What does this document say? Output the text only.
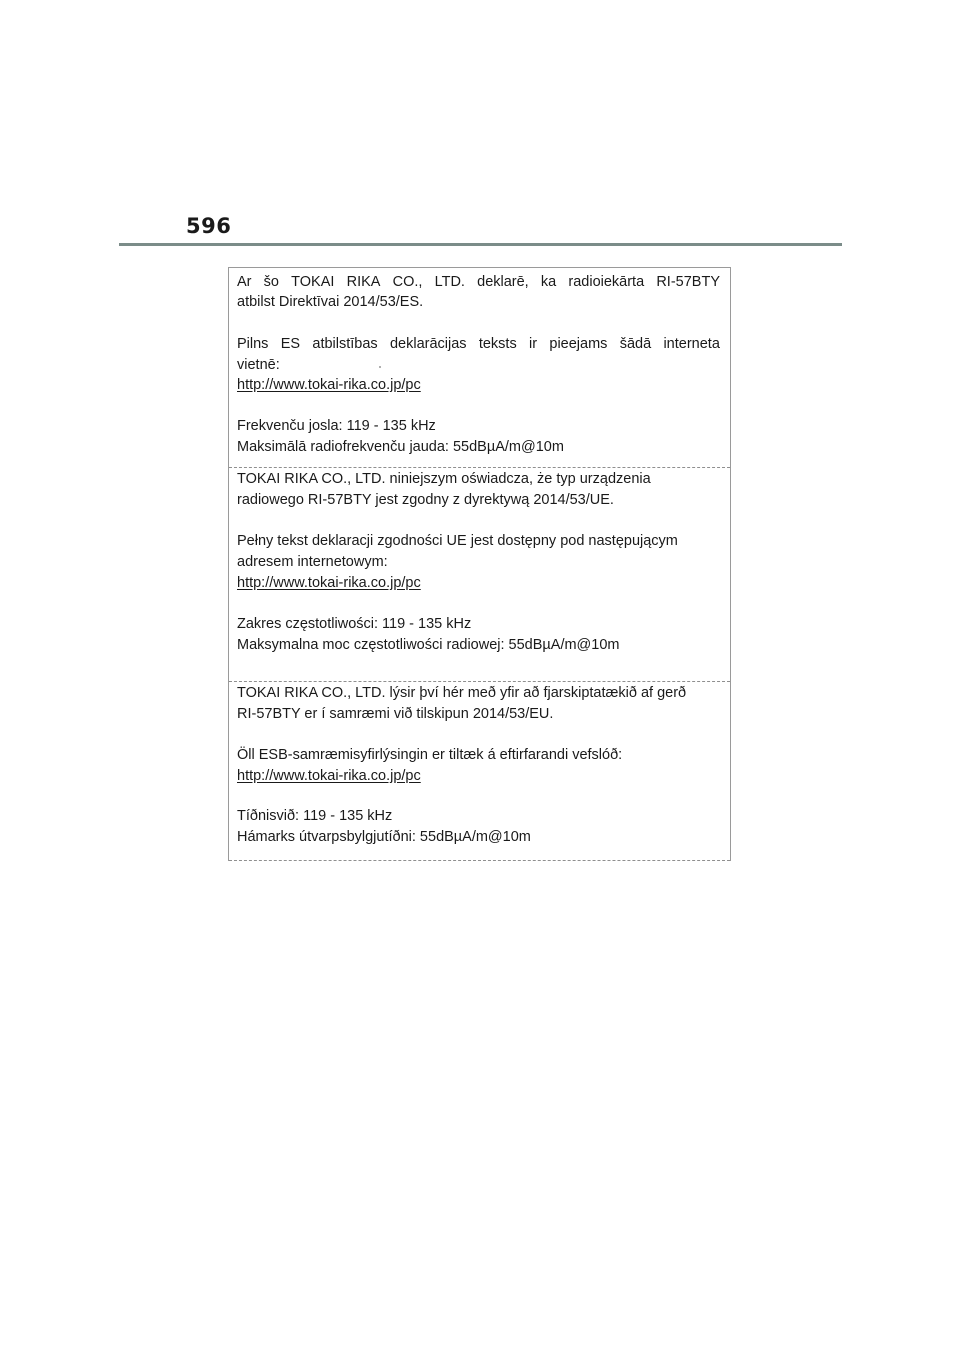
596
Ar šo TOKAI RIKA CO., LTD. deklarē, ka radioiekārta RI-57BTY
atbilst Direktīvai 2014/53/ES.
Pilns ES atbilstības deklarācijas teksts ir pieejams šādā interneta
vietnē:
http://www.tokai-rika.co.jp/pc
Frekvenču josla: 119 - 135 kHz
Maksimālā radiofrekvenču jauda: 55dBµA/m@10m
TOKAI RIKA CO., LTD. niniejszym oświadcza, że typ urządzenia
radiowego RI-57BTY jest zgodny z dyrektywą 2014/53/UE.
Pełny tekst deklaracji zgodności UE jest dostępny pod następującym
adresem internetowym:
http://www.tokai-rika.co.jp/pc
Zakres częstotliwości: 119 - 135 kHz
Maksymalna moc częstotliwości radiowej: 55dBµA/m@10m
TOKAI RIKA CO., LTD. lýsir því hér með yfir að fjarskiptatækið af gerð
RI-57BTY er í samræmi við tilskipun 2014/53/EU.
Öll ESB-samræmisyfirlýsingin er tiltæk á eftirfarandi vefslóð:
http://www.tokai-rika.co.jp/pc
Tíðnisvið: 119 - 135 kHz
Hámarks útvarpsbylgjutíðni: 55dBµA/m@10m
